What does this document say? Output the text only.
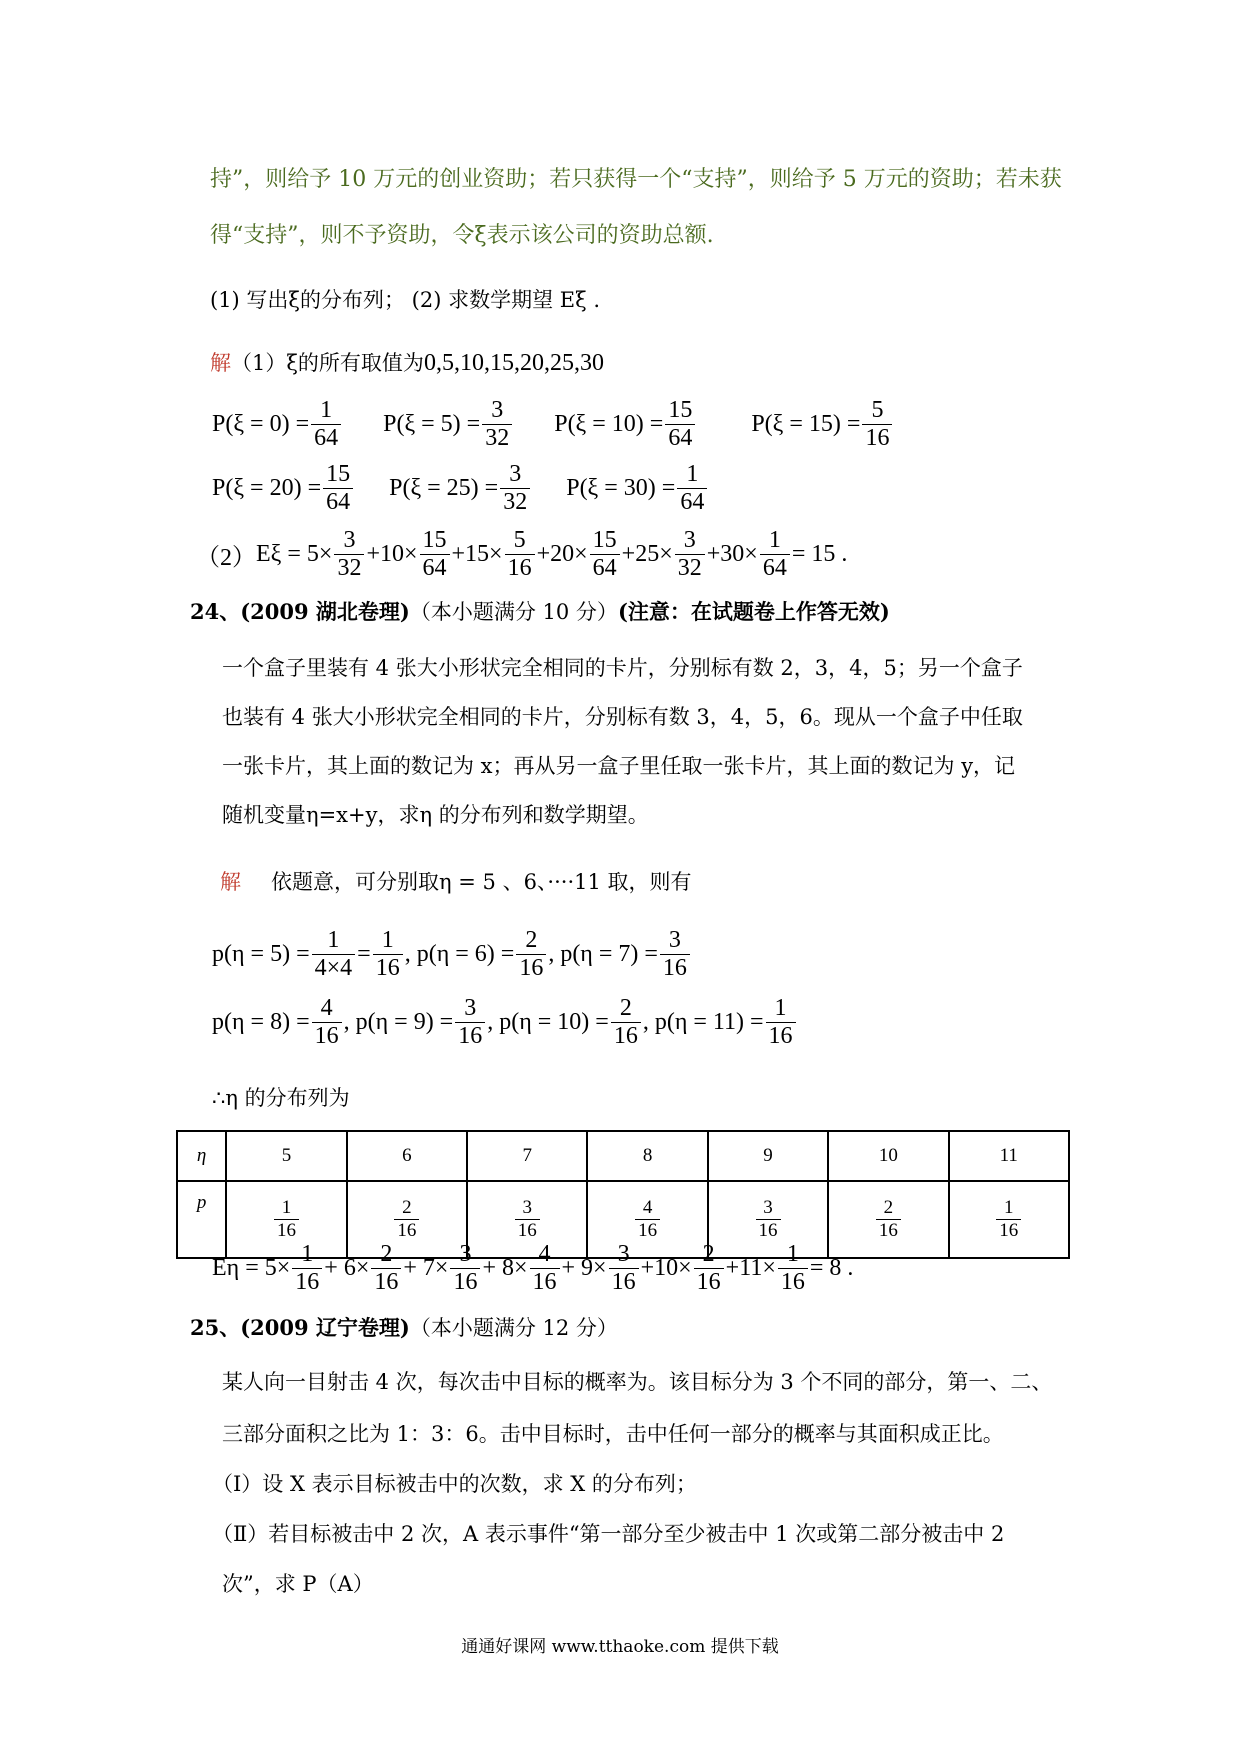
持”，则给予 10 万元的创业资助；若只获得一个“支持”，则给予 5 万元的资助；若未获
得“支持”，则不予资助，令ξ表示该公司的资助总额.
(1) 写出ξ的分布列； (2) 求数学期望 Eξ .
解（1）ξ的所有取值为0,5,10,15,20,25,30
$P(\xi = 0) = \frac{1}{64} P(\xi = 5) = \frac{3}{32} P(\xi = 10) = \frac{15}{64} P(\xi = 15) = \frac{5}{16}$
$P(\xi = 20) = \frac{15}{64} P(\xi = 25) = \frac{3}{32} P(\xi = 30) = \frac{1}{64}$
（2） $E\xi = 5\times \frac{3}{32} +10\times \frac{15}{64} +15\times \frac{5}{16} +20\times \frac{15}{64} +25\times \frac{3}{32} +30\times \frac{1}{64} = 15$ .
24、(2009 湖北卷理)（本小题满分 10 分）(注意：在试题卷上作答无效)
一个盒子里装有 4 张大小形状完全相同的卡片，分别标有数 2，3，4，5；另一个盒子
也装有 4 张大小形状完全相同的卡片，分别标有数 3，4，5，6。现从一个盒子中任取
一张卡片，其上面的数记为 x；再从另一盒子里任取一张卡片，其上面的数记为 y，记
随机变量η=x+y，求η 的分布列和数学期望。
解 依题意，可分别取η = 5 、6、····11 取，则有
$p(\eta = 5) = \frac{1}{4\times 4} = \frac{1}{16}$ , $p(\eta = 6) = \frac{2}{16}$ , $p(\eta = 7) = \frac{3}{16}$
$p(\eta = 8) = \frac{4}{16}$ , $p(\eta = 9) = \frac{3}{16}$ , $p(\eta = 10) = \frac{2}{16}$ , $p(\eta = 11) = \frac{1}{16}$
∴η 的分布列为
η	5	6	7	8	9	10	11
p	$\frac{1}{16}$	$\frac{2}{16}$	$\frac{3}{16}$	$\frac{4}{16}$	$\frac{3}{16}$	$\frac{2}{16}$	$\frac{1}{16}$
$E\eta = 5\times \frac{1}{16} + 6\times \frac{2}{16} + 7\times \frac{3}{16} + 8\times \frac{4}{16} + 9\times \frac{3}{16} +10\times \frac{2}{16} +11\times \frac{1}{16} = 8$ .
25、(2009 辽宁卷理)（本小题满分 12 分）
某人向一目射击 4 次，每次击中目标的概率为。该目标分为 3 个不同的部分，第一、二、
三部分面积之比为 1：3：6。击中目标时，击中任何一部分的概率与其面积成正比。
（Ⅰ）设 X 表示目标被击中的次数，求 X 的分布列；
（Ⅱ）若目标被击中 2 次，A 表示事件“第一部分至少被击中 1 次或第二部分被击中 2
次”，求 P（A）
通通好课网 www.tthaoke.com 提供下载
